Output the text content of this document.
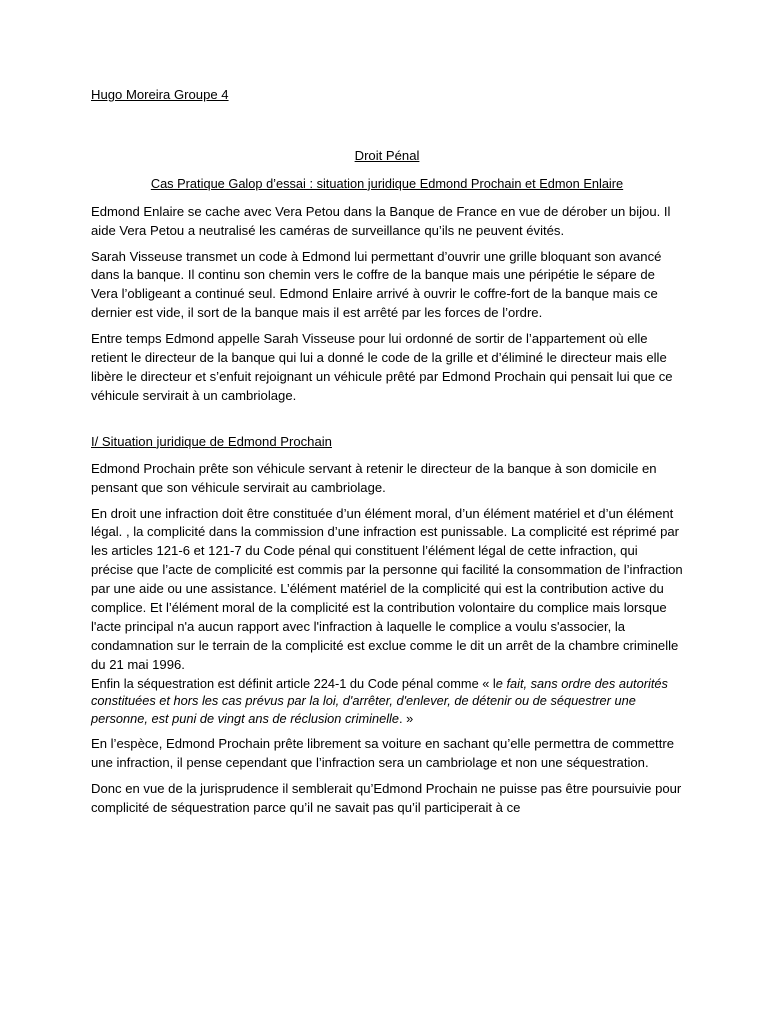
Hugo Moreira Groupe 4

Droit Pénal

Cas Pratique Galop d’essai : situation juridique Edmond Prochain et Edmon Enlaire

Edmond Enlaire se cache avec Vera Petou dans la Banque de France en vue de dérober un bijou. Il aide Vera Petou a neutralisé les caméras de surveillance qu’ils ne peuvent évités.

Sarah Visseuse transmet un code à Edmond lui permettant d’ouvrir une grille bloquant son avancé dans la banque. Il continu son chemin vers le coffre de la banque mais une péripétie le sépare de Vera l’obligeant a continué seul. Edmond Enlaire arrivé à ouvrir le coffre-fort de la banque mais ce dernier est vide, il sort de la banque mais il est arrêté par les forces de l’ordre.

Entre temps Edmond appelle Sarah Visseuse pour lui ordonné de sortir de l’appartement où elle retient le directeur de la banque qui lui a donné le code de la grille et d’éliminé le directeur mais elle libère le directeur et s’enfuit rejoignant un véhicule prêté par Edmond Prochain qui pensait lui que ce véhicule servirait à un cambriolage.

I/ Situation juridique de Edmond Prochain

Edmond Prochain prête son véhicule servant à retenir le directeur de la banque à son domicile en pensant que son véhicule servirait au cambriolage.

En droit une infraction doit être constituée d’un élément moral, d’un élément matériel et d’un élément légal. , la complicité dans la commission d’une infraction est punissable. La complicité est réprimé par les articles 121-6 et 121-7 du Code pénal qui constituent l’élément légal de cette infraction, qui précise que l’acte de complicité est commis par la personne qui facilité la consommation de l’infraction par une aide ou une assistance. L’élément matériel de la complicité qui est la contribution active du complice. Et l’élément moral de la complicité est la contribution volontaire du complice mais lorsque l'acte principal n'a aucun rapport avec l'infraction à laquelle le complice a voulu s'associer, la condamnation sur le terrain de la complicité est exclue comme le dit un arrêt de la chambre criminelle du 21 mai 1996.

Enfin la séquestration est définit article 224-1 du Code pénal comme « le fait, sans ordre des autorités constituées et hors les cas prévus par la loi, d'arrêter, d'enlever, de détenir ou de séquestrer une personne, est puni de vingt ans de réclusion criminelle. »

En l’espèce, Edmond Prochain prête librement sa voiture en sachant qu’elle permettra de commettre une infraction, il pense cependant que l’infraction sera un cambriolage et non une séquestration.

Donc en vue de la jurisprudence il semblerait qu’Edmond Prochain ne puisse pas être poursuivie pour complicité de séquestration parce qu’il ne savait pas qu’il participerait à ce
